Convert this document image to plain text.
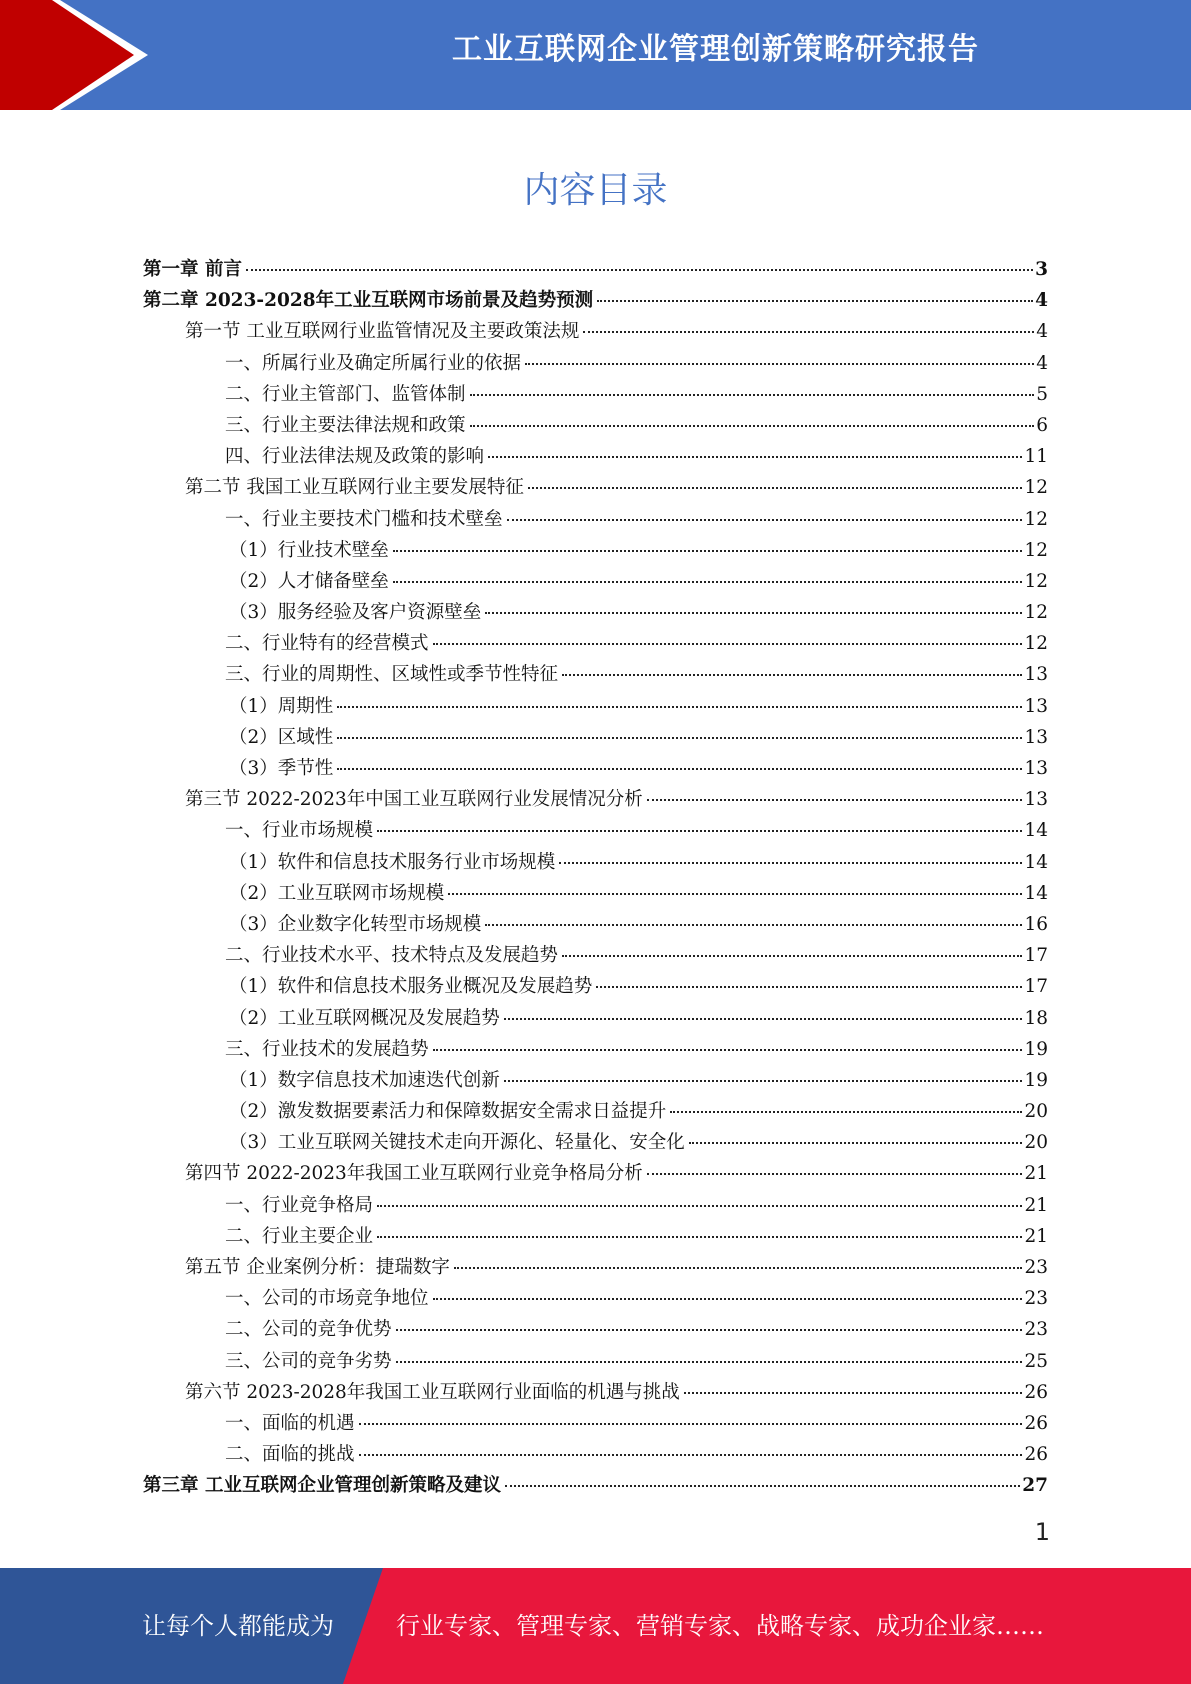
工业互联网企业管理创新策略研究报告
内容目录
第一章 前言	3
第二章 2023-2028年工业互联网市场前景及趋势预测	4
第一节 工业互联网行业监管情况及主要政策法规	4
一、所属行业及确定所属行业的依据	4
二、行业主管部门、监管体制	5
三、行业主要法律法规和政策	6
四、行业法律法规及政策的影响	11
第二节 我国工业互联网行业主要发展特征	12
一、行业主要技术门槛和技术壁垒	12
（1）行业技术壁垒	12
（2）人才储备壁垒	12
（3）服务经验及客户资源壁垒	12
二、行业特有的经营模式	12
三、行业的周期性、区域性或季节性特征	13
（1）周期性	13
（2）区域性	13
（3）季节性	13
第三节 2022-2023年中国工业互联网行业发展情况分析	13
一、行业市场规模	14
（1）软件和信息技术服务行业市场规模	14
（2）工业互联网市场规模	14
（3）企业数字化转型市场规模	16
二、行业技术水平、技术特点及发展趋势	17
（1）软件和信息技术服务业概况及发展趋势	17
（2）工业互联网概况及发展趋势	18
三、行业技术的发展趋势	19
（1）数字信息技术加速迭代创新	19
（2）激发数据要素活力和保障数据安全需求日益提升	20
（3）工业互联网关键技术走向开源化、轻量化、安全化	20
第四节 2022-2023年我国工业互联网行业竞争格局分析	21
一、行业竞争格局	21
二、行业主要企业	21
第五节 企业案例分析：捷瑞数字	23
一、公司的市场竞争地位	23
二、公司的竞争优势	23
三、公司的竞争劣势	25
第六节 2023-2028年我国工业互联网行业面临的机遇与挑战	26
一、面临的机遇	26
二、面临的挑战	26
第三章 工业互联网企业管理创新策略及建议	27
1
让每个人都能成为	行业专家、管理专家、营销专家、战略专家、成功企业家……
